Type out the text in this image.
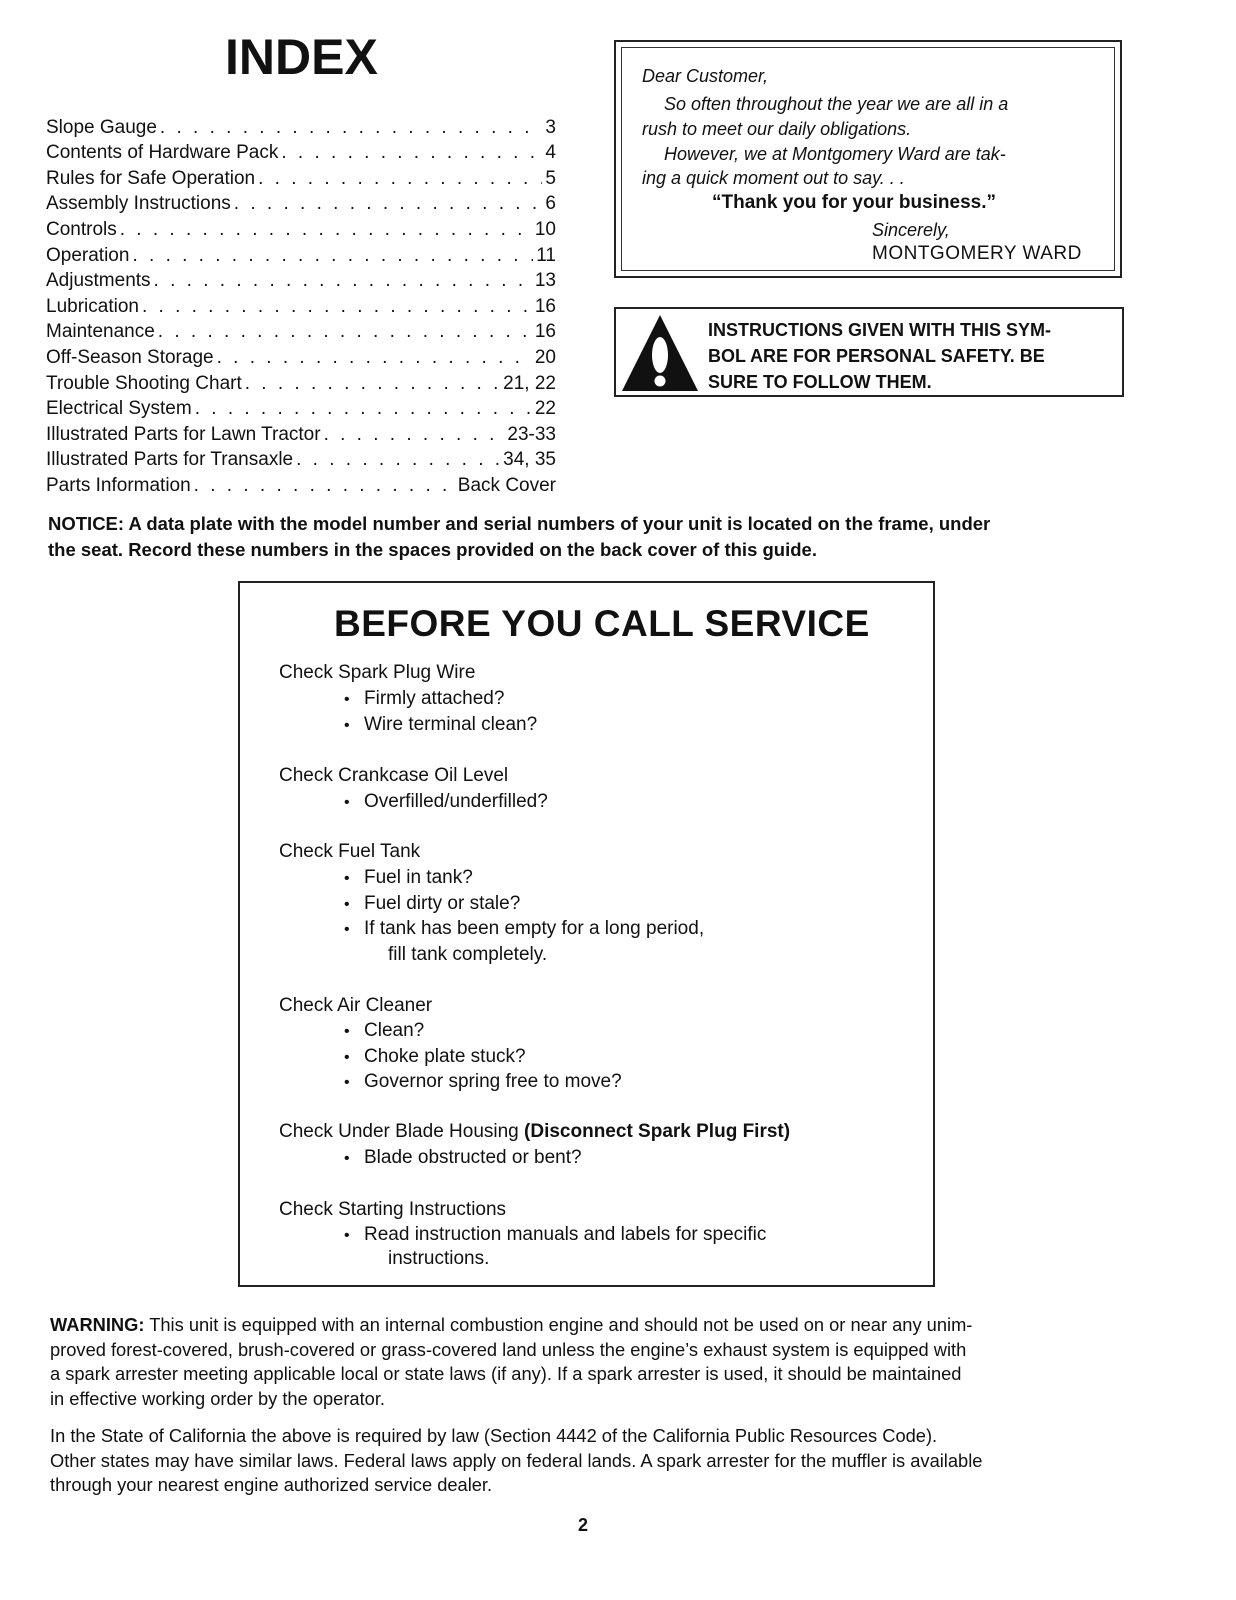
INDEX
Slope Gauge . . .	3
Contents of Hardware Pack . . .	4
Rules for Safe Operation . . .	5
Assembly Instructions . . .	6
Controls . . .	10
Operation . . .	11
Adjustments . . .	13
Lubrication . . .	16
Maintenance . . .	16
Off-Season Storage . . .	20
Trouble Shooting Chart . . .	21, 22
Electrical System . . .	22
Illustrated Parts for Lawn Tractor . . .	23-33
Illustrated Parts for Transaxle . . .	34, 35
Parts Information . . .	Back Cover
Dear Customer,
So often throughout the year we are all in a
rush to meet our daily obligations.
However, we at Montgomery Ward are tak-
ing a quick moment out to say. . .
“Thank you for your business.”
Sincerely,
MONTGOMERY WARD
INSTRUCTIONS GIVEN WITH THIS SYM-
BOL ARE FOR PERSONAL SAFETY. BE
SURE TO FOLLOW THEM.
NOTICE: A data plate with the model number and serial numbers of your unit is located on the frame, under
the seat. Record these numbers in the spaces provided on the back cover of this guide.
BEFORE YOU CALL SERVICE
Check Spark Plug Wire
• Firmly attached?
• Wire terminal clean?
Check Crankcase Oil Level
• Overfilled/underfilled?
Check Fuel Tank
• Fuel in tank?
• Fuel dirty or stale?
• If tank has been empty for a long period,
fill tank completely.
Check Air Cleaner
• Clean?
• Choke plate stuck?
• Governor spring free to move?
Check Under Blade Housing (Disconnect Spark Plug First)
• Blade obstructed or bent?
Check Starting Instructions
• Read instruction manuals and labels for specific
instructions.
WARNING: This unit is equipped with an internal combustion engine and should not be used on or near any unim-
proved forest-covered, brush-covered or grass-covered land unless the engine’s exhaust system is equipped with
a spark arrester meeting applicable local or state laws (if any). If a spark arrester is used, it should be maintained
in effective working order by the operator.
In the State of California the above is required by law (Section 4442 of the California Public Resources Code).
Other states may have similar laws. Federal laws apply on federal lands. A spark arrester for the muffler is available
through your nearest engine authorized service dealer.
2
